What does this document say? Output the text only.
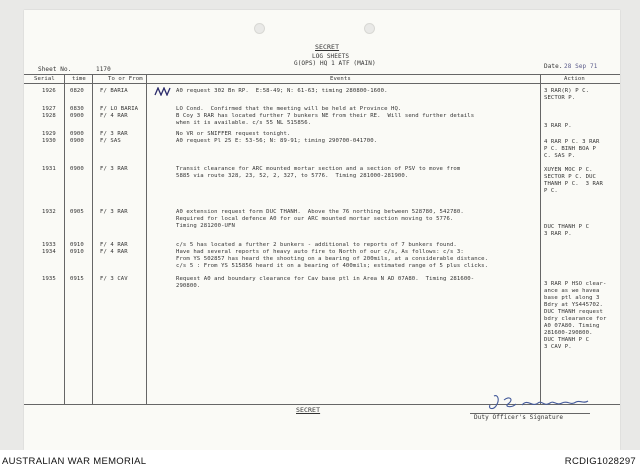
SECRET
LOG SHEETS
G(OPS) HQ 1 ATF (MAIN)
Sheet No.	1170	Date. 28 Sep 71
Serial	time	To or From	Events	Action
1926	0820	F/ BARIA	A0 request 302 Bn RP.  E:58-49; N: 61-63; timing 280800-1600.	3 RAR(R) P C.
SECTOR P.
1927	0830	F/ LO BARIA	LO Cond.  Confirmed that the meeting will be held at Province HQ.
1928	0900	F/ 4 RAR	B Coy 3 RAR has located further 7 bunkers NE from their RE.  Will send further details
when it is available. c/s 55 NL 515856.	3 RAR P.
1929	0900	F/ 3 RAR	No VR or SNIFFER request tonight.
1930	0900	F/ SAS	A0 request Pl 25 E: 53-56; N: 89-91; timing 290700-041700.	4 RAR P C. 3 RAR
P C. BINH BOA P
C. SAS P.
1931	0900	F/ 3 RAR	Transit clearance for ARC mounted mortar section and a section of PSV to move from
5885 via route 328, 23, 52, 2, 327, to 5776.  Timing 281000-281900.
XUYEN MOC P C.
SECTOR P C. DUC
THANH P C.  3 RAR
P C.
1932	0905	F/ 3 RAR	A0 extension request form DUC THANH.  Above the 76 northing between 528780, 542780.
Required for local defence A0 for our ARC mounted mortar section moving to 5776.
Timing 281200-UFN	DUC THANH P C
3 RAR P.
1933	0910	F/ 4 RAR	c/s 5 has located a further 2 bunkers - additional to reports of 7 bunkers found.
1934	0910	F/ 4 RAR	Have had several reports of heavy auto fire to North of our c/s, As follows: c/s 3:
From YS 502857 has heard the shooting on a bearing of 200mils, at a considerable distance.
c/s 5 : From YS 515856 heard it on a bearing of 400mils; estimated range of 5 plus clicks.
1935	0915	F/ 3 CAV	Request A0 and boundary clearance for Cav base ptl in Area N AD 07A80.  Timing 281600-
290800.	3 RAR P HSO clear-
ance as we havea
base ptl along 3
Bdry at YS445702.
DUC THANH request
bdry clearance for
A0 07A80. Timing
281600-290800.
DUC THANH P C
3 CAV P.
Duty Officer's Signature
SECRET
AUSTRALIAN WAR MEMORIAL	RCDIG1028297
